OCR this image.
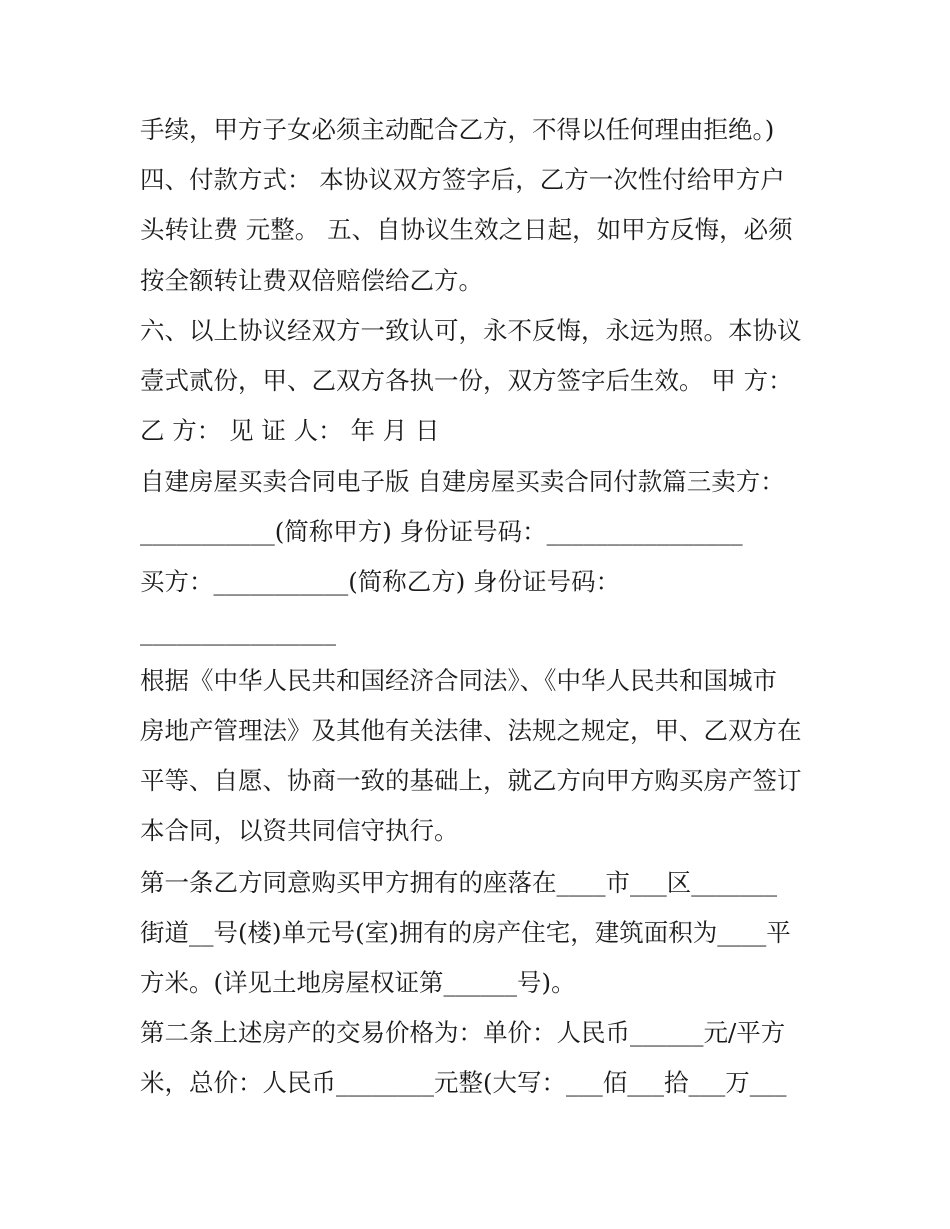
手续，甲方子女必须主动配合乙方，不得以任何理由拒绝。)

四、付款方式： 本协议双方签字后，乙方一次性付给甲方户

头转让费 元整。 五、自协议生效之日起，如甲方反悔，必须

按全额转让费双倍赔偿给乙方。

六、以上协议经双方一致认可，永不反悔，永远为照。本协议

壹式贰份，甲、乙双方各执一份，双方签字后生效。 甲 方：

乙 方： 见 证 人： 年 月 日

自建房屋买卖合同电子版 自建房屋买卖合同付款篇三卖方：

___________(简称甲方) 身份证号码：________________

买方：___________(简称乙方) 身份证号码：

________________

根据《中华人民共和国经济合同法》、《中华人民共和国城市

房地产管理法》及其他有关法律、法规之规定，甲、乙双方在

平等、自愿、协商一致的基础上，就乙方向甲方购买房产签订

本合同，以资共同信守执行。

第一条乙方同意购买甲方拥有的座落在____市___区_______

街道__号(楼)单元号(室)拥有的房产住宅，建筑面积为____平

方米。(详见土地房屋权证第______号)。

第二条上述房产的交易价格为：单价：人民币______元/平方

米，总价：人民币________元整(大写：___佰___拾___万___
